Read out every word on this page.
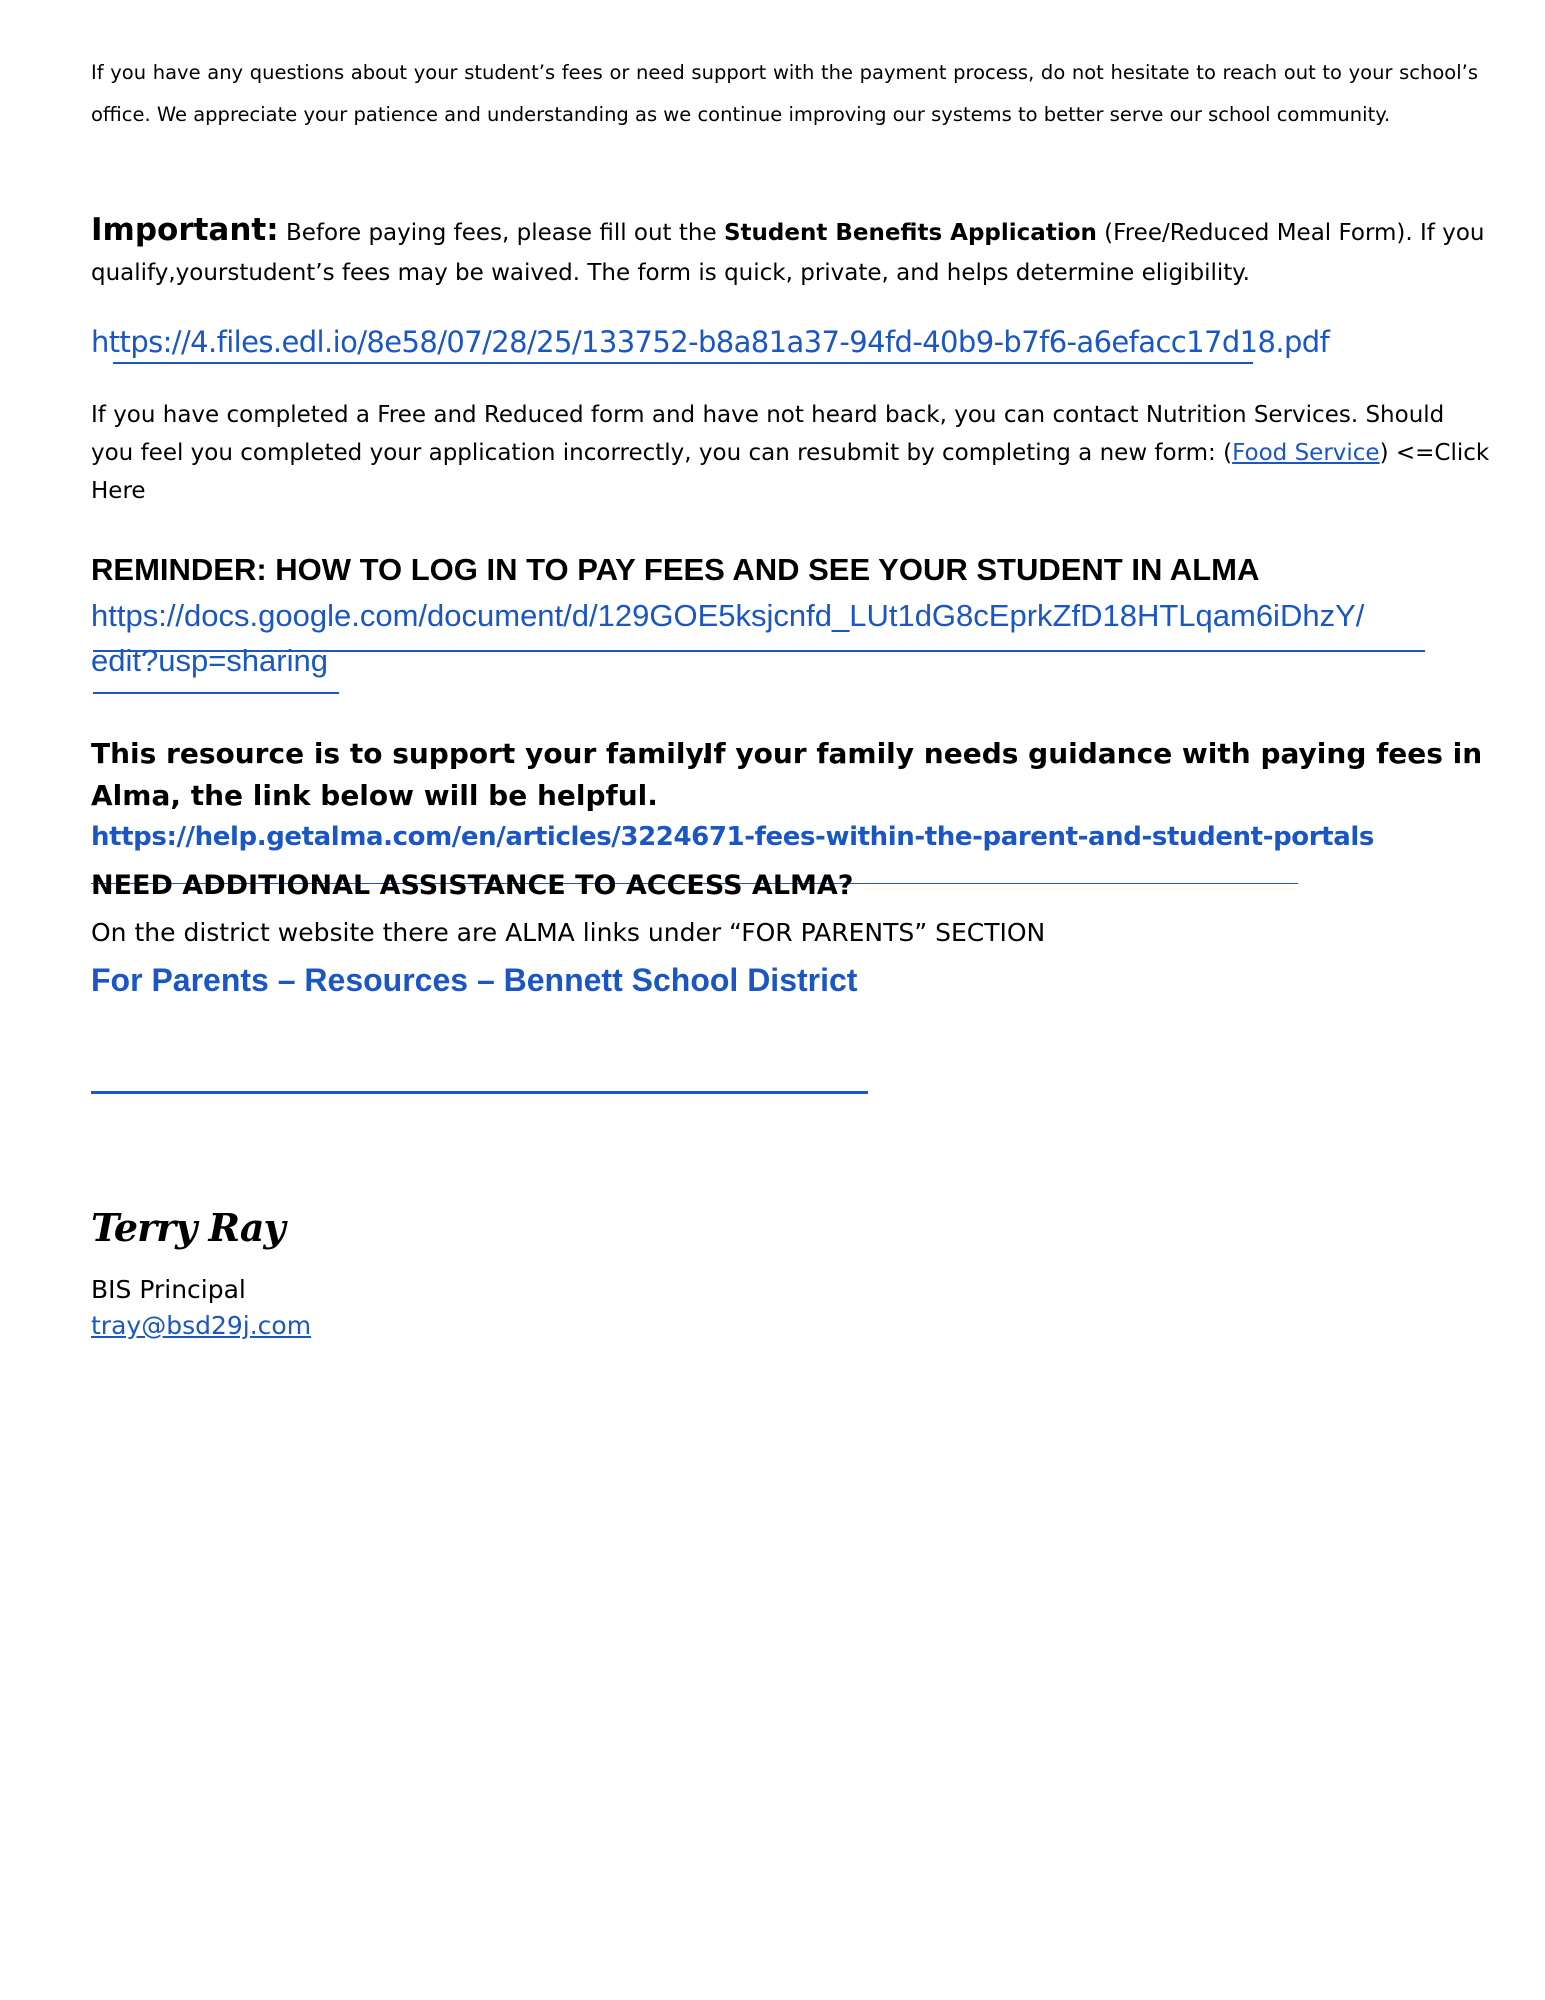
If you have any questions about your student’s fees or need support with the payment process, do not hesitate to reach out to your school’s office. We appreciate your patience and understanding as we continue improving our systems to better serve our school community.
Important: Before paying fees, please fill out the Student Benefits Application (Free/Reduced Meal Form). If you
qualify,yourstudent’s fees may be waived. The form is quick, private, and helps determine eligibility.
https://4.files.edl.io/8e58/07/28/25/133752-b8a81a37-94fd-40b9-b7f6-a6efacc17d18.pdf
If you have completed a Free and Reduced form and have not heard back, you can contact Nutrition Services. Should
you feel you completed your application incorrectly, you can resubmit by completing a new form: (Food Service) <=Click
Here
REMINDER: HOW TO LOG IN TO PAY FEES AND SEE YOUR STUDENT IN ALMA
https://docs.google.com/document/d/129GOE5ksjcnfd_LUt1dG8cEprkZfD18HTLqam6iDhzY/
edit?usp=sharing
This resource is to support your family.
If your family needs guidance with paying fees in
Alma, the link below will be helpful.
https://help.getalma.com/en/articles/3224671-fees-within-the-parent-and-student-portals
NEED ADDITIONAL ASSISTANCE TO ACCESS ALMA?
On the district website there are ALMA links under “FOR PARENTS” SECTION
For Parents – Resources – Bennett School District
Terry Ray
BIS Principal
tray@bsd29j.com
